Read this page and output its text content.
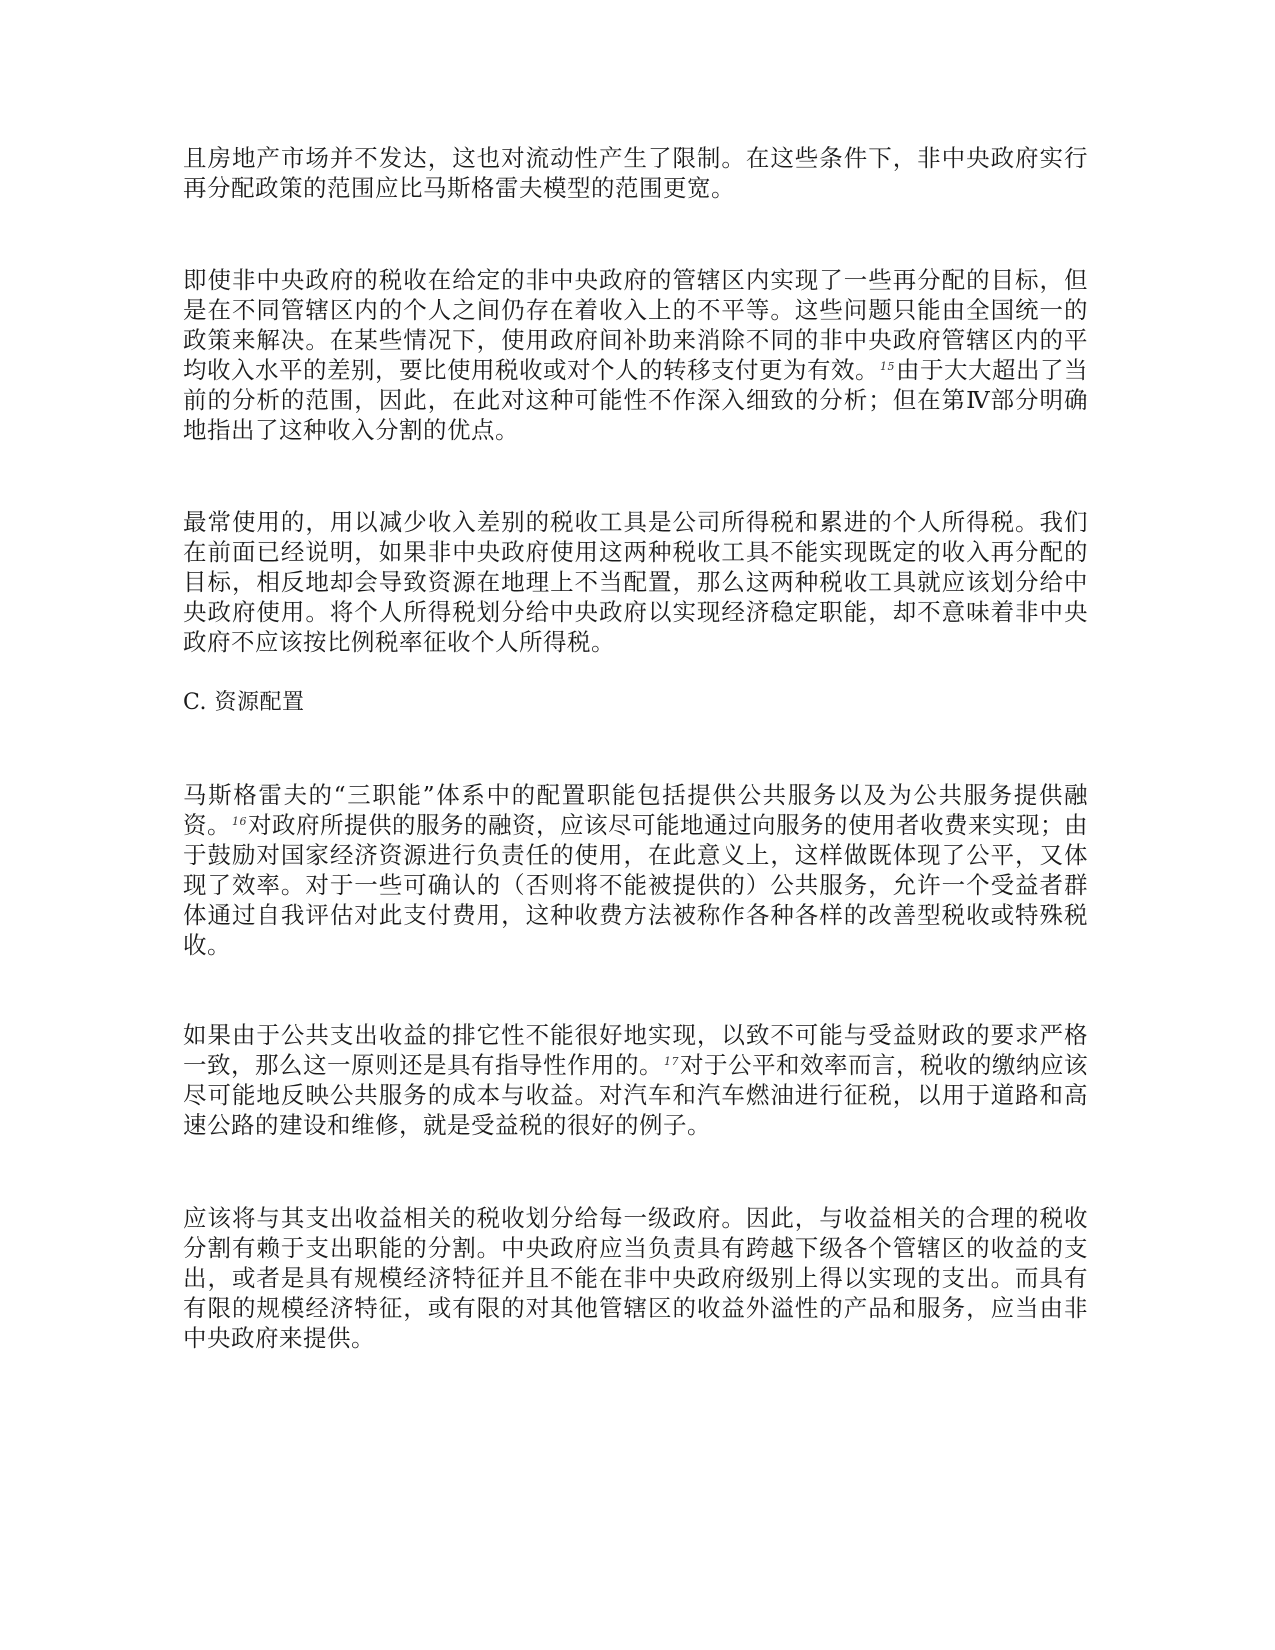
且房地产市场并不发达，这也对流动性产生了限制。在这些条件下，非中央政府实行再分配政策的范围应比马斯格雷夫模型的范围更宽。

即使非中央政府的税收在给定的非中央政府的管辖区内实现了一些再分配的目标，但是在不同管辖区内的个人之间仍存在着收入上的不平等。这些问题只能由全国统一的政策来解决。在某些情况下，使用政府间补助来消除不同的非中央政府管辖区内的平均收入水平的差别，要比使用税收或对个人的转移支付更为有效。$^{15}$由于大大超出了当前的分析的范围，因此，在此对这种可能性不作深入细致的分析；但在第Ⅳ部分明确地指出了这种收入分割的优点。

最常使用的，用以减少收入差别的税收工具是公司所得税和累进的个人所得税。我们在前面已经说明，如果非中央政府使用这两种税收工具不能实现既定的收入再分配的目标，相反地却会导致资源在地理上不当配置，那么这两种税收工具就应该划分给中央政府使用。将个人所得税划分给中央政府以实现经济稳定职能，却不意味着非中央政府不应该按比例税率征收个人所得税。

C. 资源配置

马斯格雷夫的“三职能”体系中的配置职能包括提供公共服务以及为公共服务提供融资。$^{16}$对政府所提供的服务的融资，应该尽可能地通过向服务的使用者收费来实现；由于鼓励对国家经济资源进行负责任的使用，在此意义上，这样做既体现了公平，又体现了效率。对于一些可确认的（否则将不能被提供的）公共服务，允许一个受益者群体通过自我评估对此支付费用，这种收费方法被称作各种各样的改善型税收或特殊税收。

如果由于公共支出收益的排它性不能很好地实现，以致不可能与受益财政的要求严格一致，那么这一原则还是具有指导性作用的。$^{17}$对于公平和效率而言，税收的缴纳应该尽可能地反映公共服务的成本与收益。对汽车和汽车燃油进行征税，以用于道路和高速公路的建设和维修，就是受益税的很好的例子。

应该将与其支出收益相关的税收划分给每一级政府。因此，与收益相关的合理的税收分割有赖于支出职能的分割。中央政府应当负责具有跨越下级各个管辖区的收益的支出，或者是具有规模经济特征并且不能在非中央政府级别上得以实现的支出。而具有有限的规模经济特征，或有限的对其他管辖区的收益外溢性的产品和服务，应当由非中央政府来提供。
